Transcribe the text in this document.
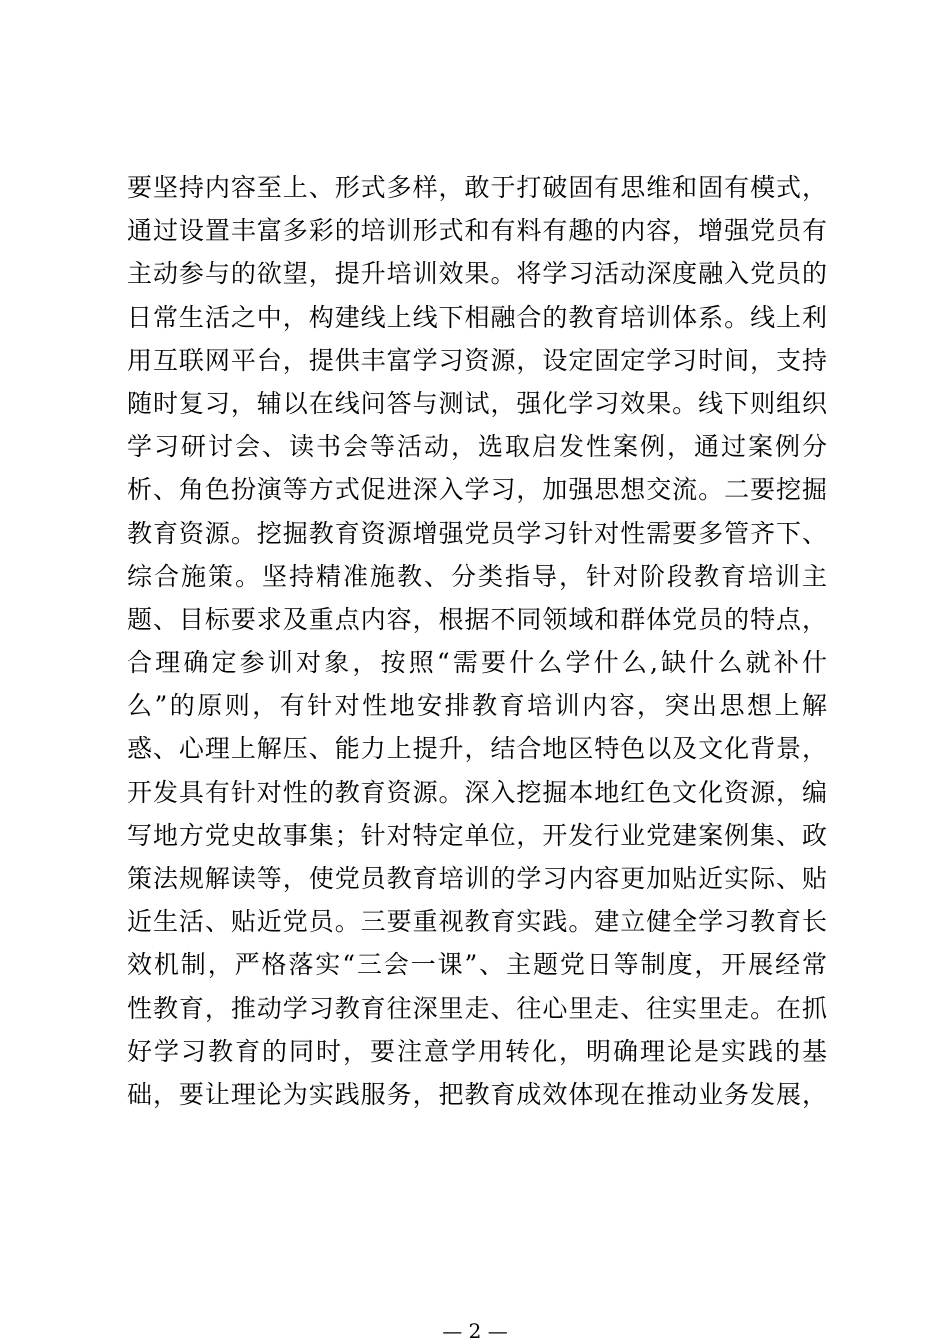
要坚持内容至上、形式多样，敢于打破固有思维和固有模式，
通过设置丰富多彩的培训形式和有料有趣的内容，增强党员有
主动参与的欲望，提升培训效果。将学习活动深度融入党员的
日常生活之中，构建线上线下相融合的教育培训体系。线上利
用互联网平台，提供丰富学习资源，设定固定学习时间，支持
随时复习，辅以在线问答与测试，强化学习效果。线下则组织
学习研讨会、读书会等活动，选取启发性案例，通过案例分
析、角色扮演等方式促进深入学习，加强思想交流。二要挖掘
教育资源。挖掘教育资源增强党员学习针对性需要多管齐下、
综合施策。坚持精准施教、分类指导，针对阶段教育培训主
题、目标要求及重点内容，根据不同领域和群体党员的特点，
合理确定参训对象，按照“需要什么学什么,缺什么就补什
么”的原则，有针对性地安排教育培训内容，突出思想上解
惑、心理上解压、能力上提升，结合地区特色以及文化背景，
开发具有针对性的教育资源。深入挖掘本地红色文化资源，编
写地方党史故事集；针对特定单位，开发行业党建案例集、政
策法规解读等，使党员教育培训的学习内容更加贴近实际、贴
近生活、贴近党员。三要重视教育实践。建立健全学习教育长
效机制，严格落实“三会一课”、主题党日等制度，开展经常
性教育，推动学习教育往深里走、往心里走、往实里走。在抓
好学习教育的同时，要注意学用转化，明确理论是实践的基
础，要让理论为实践服务，把教育成效体现在推动业务发展，
— 2 —
